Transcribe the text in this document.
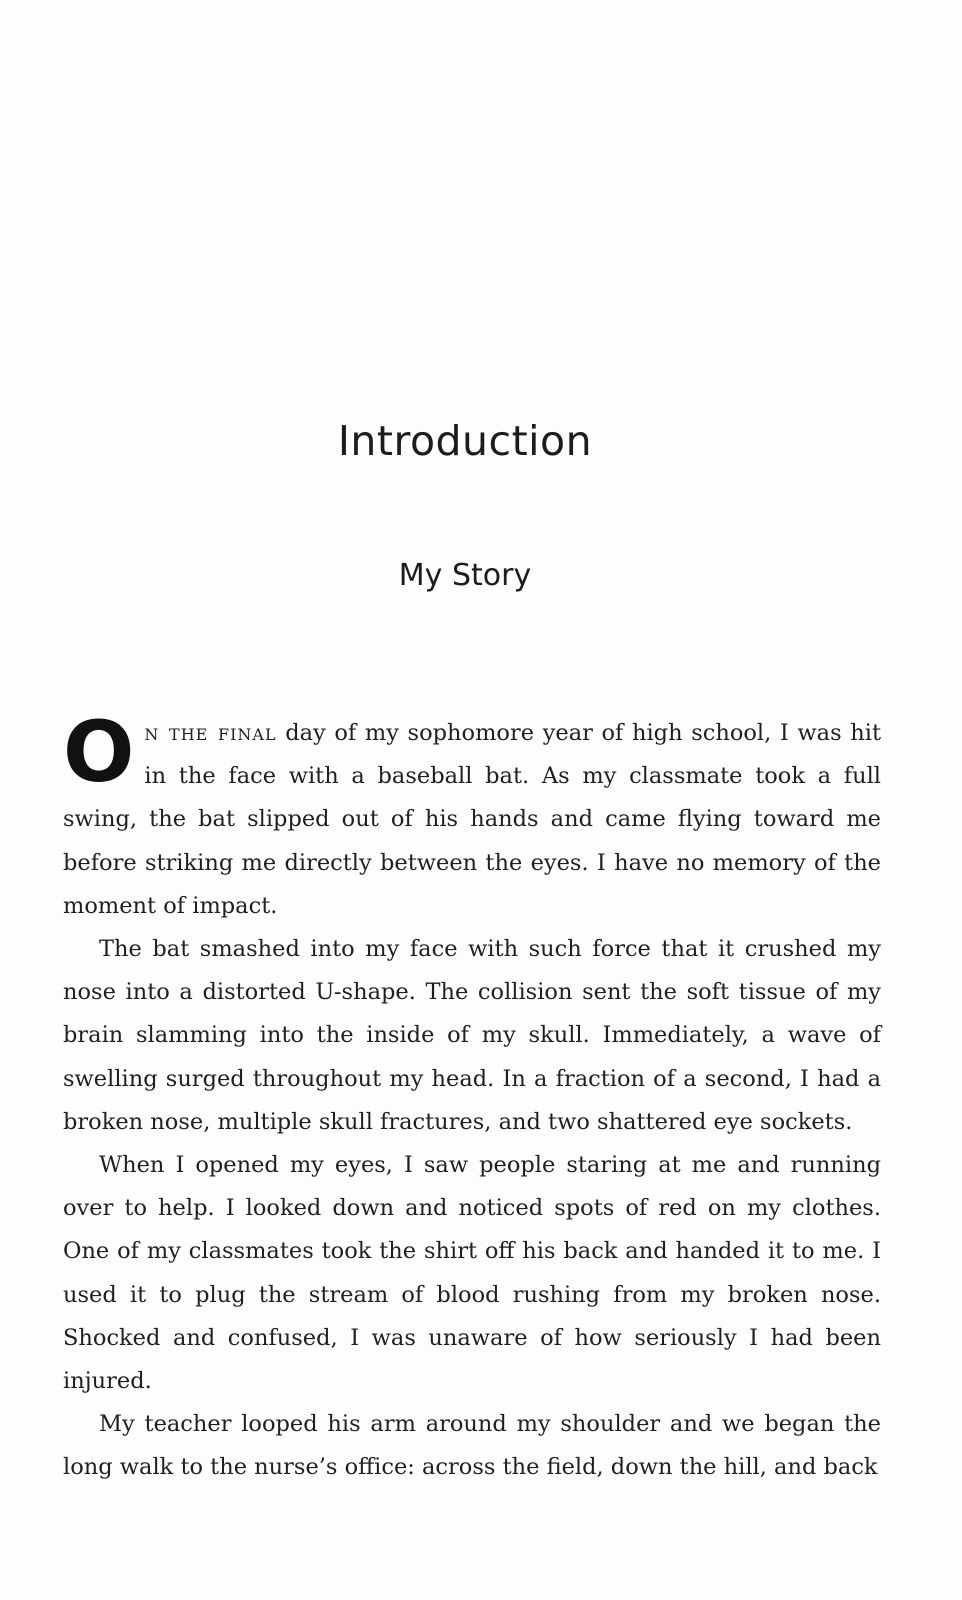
Introduction
My Story

On the final day of my sophomore year of high school, I was hit in the face with a baseball bat. As my classmate took a full swing, the bat slipped out of his hands and came flying toward me before striking me directly between the eyes. I have no memory of the moment of impact.

The bat smashed into my face with such force that it crushed my nose into a distorted U-shape. The collision sent the soft tissue of my brain slamming into the inside of my skull. Immediately, a wave of swelling surged throughout my head. In a fraction of a second, I had a broken nose, multiple skull fractures, and two shattered eye sockets.

When I opened my eyes, I saw people staring at me and running over to help. I looked down and noticed spots of red on my clothes. One of my classmates took the shirt off his back and handed it to me. I used it to plug the stream of blood rushing from my broken nose. Shocked and confused, I was unaware of how seriously I had been injured.

My teacher looped his arm around my shoulder and we began the long walk to the nurse’s office: across the field, down the hill, and back
